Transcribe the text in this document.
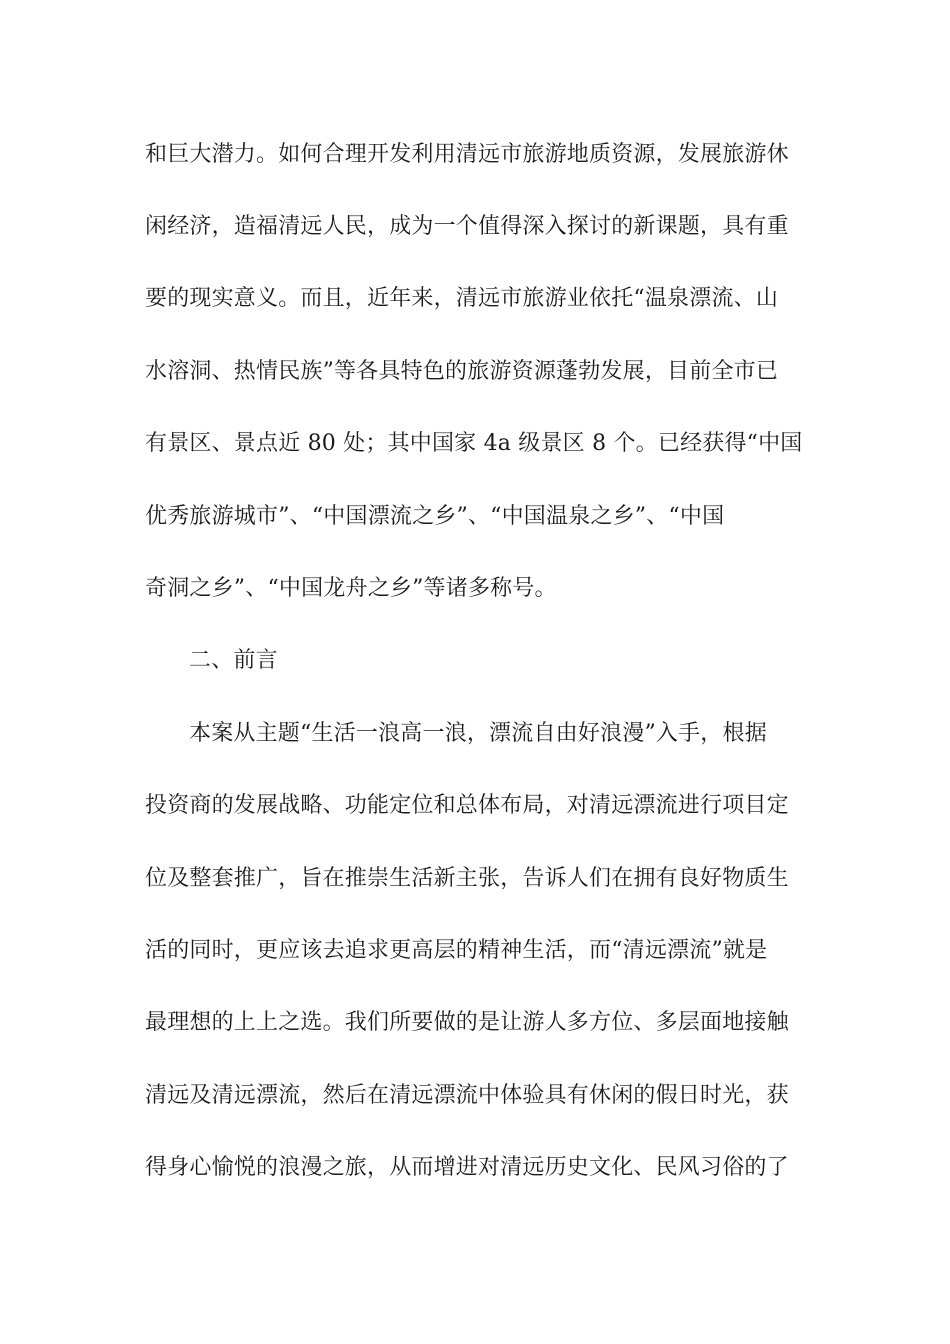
和巨大潜力。如何合理开发利用清远市旅游地质资源，发展旅游休
闲经济，造福清远人民，成为一个值得深入探讨的新课题，具有重
要的现实意义。而且，近年来，清远市旅游业依托“温泉漂流、山
水溶洞、热情民族”等各具特色的旅游资源蓬勃发展，目前全市已
有景区、景点近 80 处；其中国家 4a 级景区 8 个。已经获得“中国
优秀旅游城市”、“中国漂流之乡”、“中国温泉之乡”、“中国
奇洞之乡”、“中国龙舟之乡”等诸多称号。
二、前言
本案从主题“生活一浪高一浪，漂流自由好浪漫”入手，根据
投资商的发展战略、功能定位和总体布局，对清远漂流进行项目定
位及整套推广，旨在推崇生活新主张，告诉人们在拥有良好物质生
活的同时，更应该去追求更高层的精神生活，而“清远漂流”就是
最理想的上上之选。我们所要做的是让游人多方位、多层面地接触
清远及清远漂流，然后在清远漂流中体验具有休闲的假日时光，获
得身心愉悦的浪漫之旅，从而增进对清远历史文化、民风习俗的了
